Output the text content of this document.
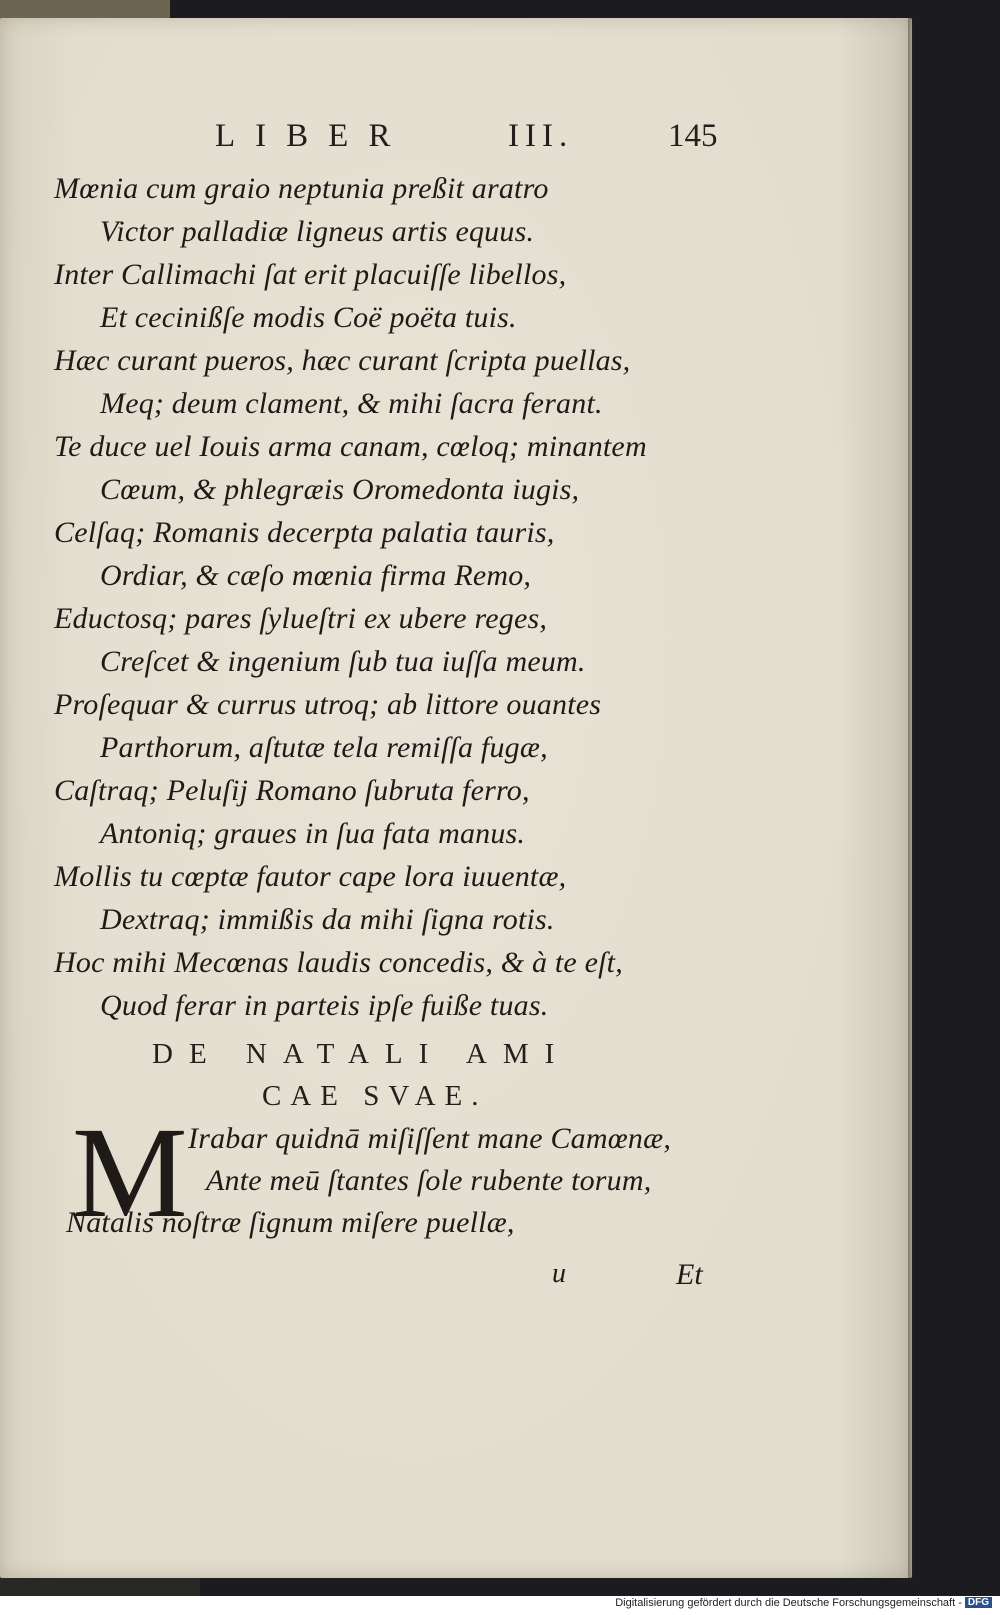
LIBER	III.	145
Mœnia cum graio neptunia preßit aratro
Victor palladiæ ligneus artis equus.
Inter Callimachi ſat erit placuiſſe libellos,
Et cecinißſe modis Coë poëta tuis.
Hæc curant pueros, hæc curant ſcripta puellas,
Meq; deum clament, & mihi ſacra ferant.
Te duce uel Iouis arma canam, cœloq; minantem
Cœum, & phlegræis Oromedonta iugis,
Celſaq; Romanis decerpta palatia tauris,
Ordiar, & cæſo mœnia firma Remo,
Eductosq; pares ſylueſtri ex ubere reges,
Creſcet & ingenium ſub tua iuſſa meum.
Proſequar & currus utroq; ab littore ouantes
Parthorum, aſtutæ tela remiſſa fugæ,
Caſtraq; Peluſij Romano ſubruta ferro,
Antoniq; graues in ſua fata manus.
Mollis tu cœptæ fautor cape lora iuuentæ,
Dextraq; immißis da mihi ſigna rotis.
Hoc mihi Mecœnas laudis concedis, & à te eſt,
Quod ferar in parteis ipſe fuiße tuas.
DE NATALI AMI
CAE SVAE.
M Irabar quidnā miſiſſent mane Camœnæ,
Ante meū ſtantes ſole rubente torum,
Natalis noſtræ ſignum miſere puellæ,
u	Et
Digitalisierung gefördert durch die Deutsche Forschungsgemeinschaft - DFG
